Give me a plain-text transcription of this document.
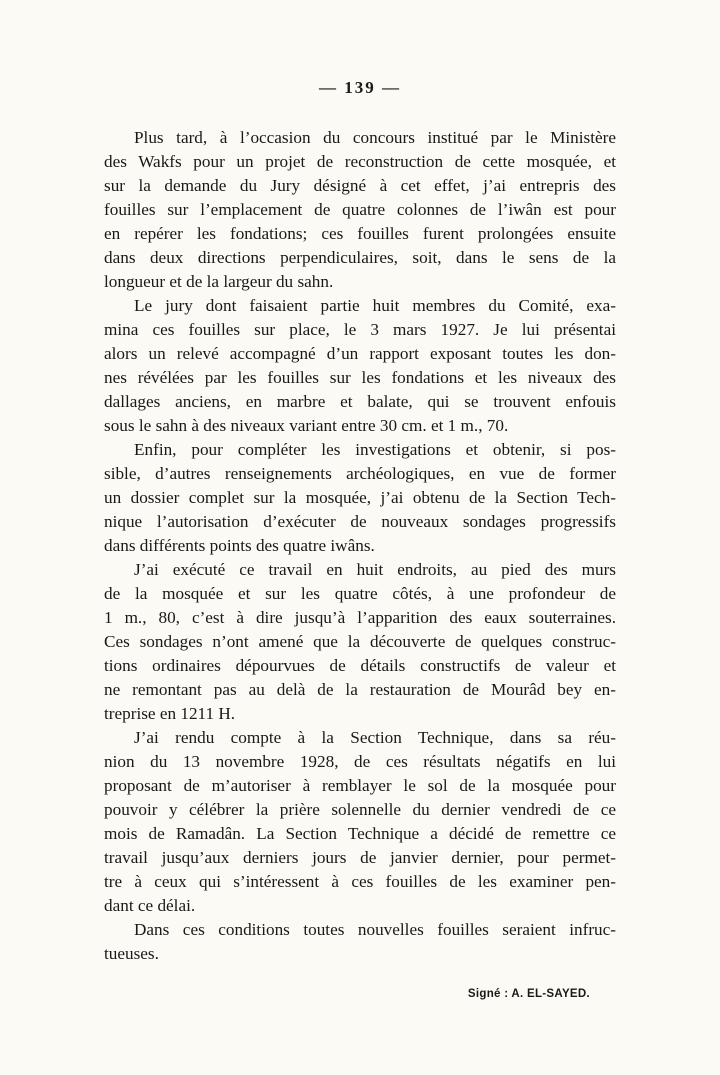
— 139 —
Plus tard, à l’occasion du concours institué par le Ministère
des Wakfs pour un projet de reconstruction de cette mosquée, et
sur la demande du Jury désigné à cet effet, j’ai entrepris des
fouilles sur l’emplacement de quatre colonnes de l’iwân est pour
en repérer les fondations; ces fouilles furent prolongées ensuite
dans deux directions perpendiculaires, soit, dans le sens de la
longueur et de la largeur du sahn.
Le jury dont faisaient partie huit membres du Comité, exa-
mina ces fouilles sur place, le 3 mars 1927. Je lui présentai
alors un relevé accompagné d’un rapport exposant toutes les don-
nes révélées par les fouilles sur les fondations et les niveaux des
dallages anciens, en marbre et balate, qui se trouvent enfouis
sous le sahn à des niveaux variant entre 30 cm. et 1 m., 70.
Enfin, pour compléter les investigations et obtenir, si pos-
sible, d’autres renseignements archéologiques, en vue de former
un dossier complet sur la mosquée, j’ai obtenu de la Section Tech-
nique l’autorisation d’exécuter de nouveaux sondages progressifs
dans différents points des quatre iwâns.
J’ai exécuté ce travail en huit endroits, au pied des murs
de la mosquée et sur les quatre côtés, à une profondeur de
1 m., 80, c’est à dire jusqu’à l’apparition des eaux souterraines.
Ces sondages n’ont amené que la découverte de quelques construc-
tions ordinaires dépourvues de détails constructifs de valeur et
ne remontant pas au delà de la restauration de Mourâd bey en-
treprise en 1211 H.
J’ai rendu compte à la Section Technique, dans sa réu-
nion du 13 novembre 1928, de ces résultats négatifs en lui
proposant de m’autoriser à remblayer le sol de la mosquée pour
pouvoir y célébrer la prière solennelle du dernier vendredi de ce
mois de Ramadân. La Section Technique a décidé de remettre ce
travail jusqu’aux derniers jours de janvier dernier, pour permet-
tre à ceux qui s’intéressent à ces fouilles de les examiner pen-
dant ce délai.
Dans ces conditions toutes nouvelles fouilles seraient infruc-
tueuses.
Signé : A. EL-SAYED.
